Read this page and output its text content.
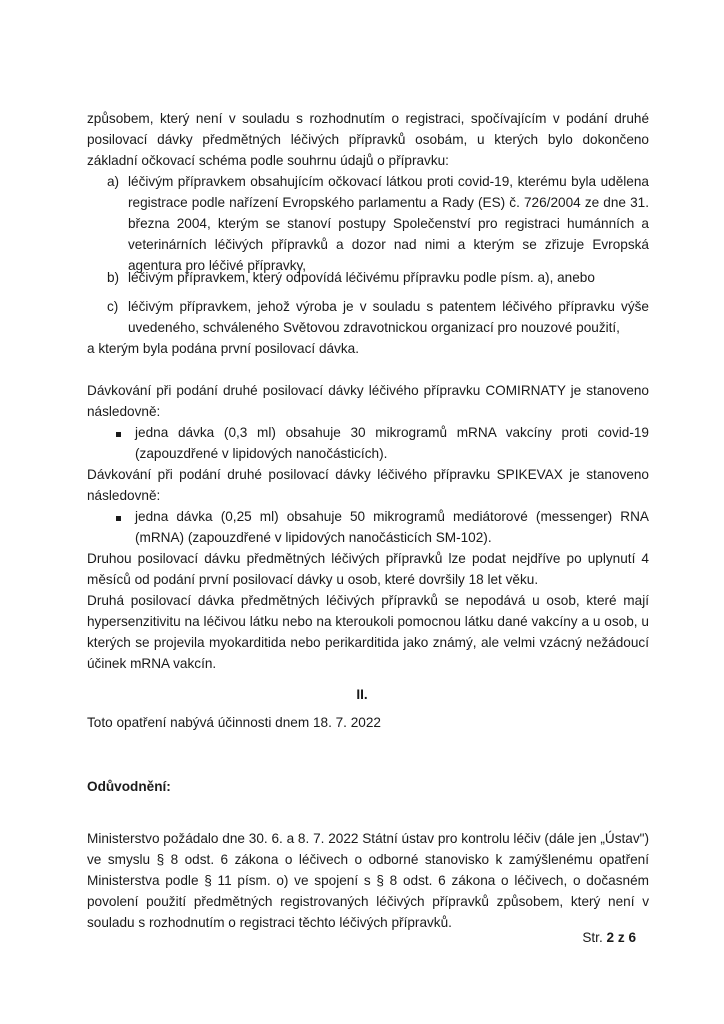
způsobem, který není v souladu s rozhodnutím o registraci, spočívajícím v podání druhé posilovací dávky předmětných léčivých přípravků osobám, u kterých bylo dokončeno základní očkovací schéma podle souhrnu údajů o přípravku:

a) léčivým přípravkem obsahujícím očkovací látkou proti covid-19, kterému byla udělena registrace podle nařízení Evropského parlamentu a Rady (ES) č. 726/2004 ze dne 31. března 2004, kterým se stanoví postupy Společenství pro registraci humánních a veterinárních léčivých přípravků a dozor nad nimi a kterým se zřizuje Evropská agentura pro léčivé přípravky,
b) léčivým přípravkem, který odpovídá léčivému přípravku podle písm. a), anebo
c) léčivým přípravkem, jehož výroba je v souladu s patentem léčivého přípravku výše uvedeného, schváleného Světovou zdravotnickou organizací pro nouzové použití,

a kterým byla podána první posilovací dávka.

Dávkování při podání druhé posilovací dávky léčivého přípravku COMIRNATY je stanoveno následovně:

jedna dávka (0,3 ml) obsahuje 30 mikrogramů mRNA vakcíny proti covid-19 (zapouzdřené v lipidových nanočásticích).

Dávkování při podání druhé posilovací dávky léčivého přípravku SPIKEVAX je stanoveno následovně:

jedna dávka (0,25 ml) obsahuje 50 mikrogramů mediátorové (messenger) RNA (mRNA) (zapouzdřené v lipidových nanočásticích SM-102).

Druhou posilovací dávku předmětných léčivých přípravků lze podat nejdříve po uplynutí 4 měsíců od podání první posilovací dávky u osob, které dovršily 18 let věku.

Druhá posilovací dávka předmětných léčivých přípravků se nepodává u osob, které mají hypersenzitivitu na léčivou látku nebo na kteroukoli pomocnou látku dané vakcíny a u osob, u kterých se projevila myokarditida nebo perikarditida jako známý, ale velmi vzácný nežádoucí účinek mRNA vakcín.

II.

Toto opatření nabývá účinnosti dnem 18. 7. 2022

Odůvodnění:

Ministerstvo požádalo dne 30. 6. a 8. 7. 2022 Státní ústav pro kontrolu léčiv (dále jen „Ústav") ve smyslu § 8 odst. 6 zákona o léčivech o odborné stanovisko k zamýšlenému opatření Ministerstva podle § 11 písm. o) ve spojení s § 8 odst. 6 zákona o léčivech, o dočasném povolení použití předmětných registrovaných léčivých přípravků způsobem, který není v souladu s rozhodnutím o registraci těchto léčivých přípravků.

Str. 2 z 6
